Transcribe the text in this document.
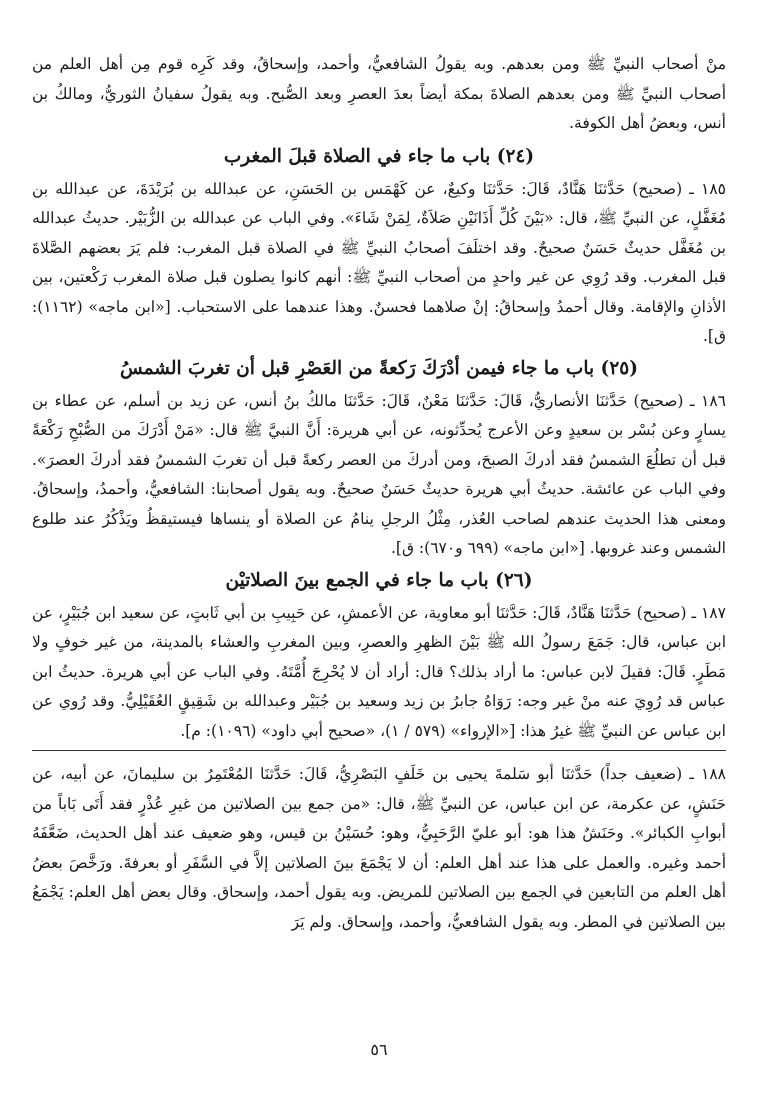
منْ أصحاب النبيِّ ﷺ ومن بعدهم. وبه يقولُ الشافعيُّ، وأحمد، وإسحاقُ، وقد كَرِه قوم مِن أهل العلم من أصحاب النبيِّ ﷺ ومن بعدهم الصلاةَ بمكة أيضاً بعدَ العصرِ وبعد الصُّبح. وبه يقولُ سفيانُ الثوريُّ، ومالكُ بن أنس، وبعضُ أهل الكوفة.

(٢٤) باب ما جاء في الصلاة قبلَ المغرب

١٨٥ ـ (صحيح) حَدَّثنَا هَنَّادٌ، قَالَ: حَدَّثنَا وكيعٌ، عن كَهْمَس بن الحَسَنِ، عن عبدالله بن بُرَيْدَةَ، عن عبدالله بن مُغَفَّلٍ، عن النبيِّ ﷺ، قال: «بَيْنَ كُلِّ أَذَانَيْنِ صَلاَةٌ، لِمَنْ شَاءَ». وفي الباب عن عبدالله بن الزُّبَيْر. حديثُ عبدالله بن مُغَفَّل حديثٌ حَسَنٌ صحيحٌ. وقد اختلَفَ أصحابُ النبيِّ ﷺ في الصلاة قبل المغرب: فلم يَرَ بعضهم الصَّلاةَ قبل المغرب. وقد رُوِي عن غير واحدٍ من أصحاب النبيِّ ﷺ: أنهم كانوا يصلون قبل صلاة المغرب رَكْعتين، بين الأذانِ والإقامة. وقال أحمدُ وإسحاقُ: إنْ صلاهما فحسنٌ. وهذا عندهما على الاستحباب. [«ابن ماجه» (١١٦٢): ق].

(٢٥) باب ما جاء فيمن أدْرَكَ رَكعةً من العَصْرِ قبل أن تغربَ الشمسُ

١٨٦ ـ (صحيح) حَدَّثنَا الأنصاريُّ، قَالَ: حَدَّثنَا مَعْنٌ، قَالَ: حَدَّثنَا مالكُ بنُ أنس، عن زيد بن أسلم، عن عطاء بن يسارٍ وعن بُسْر بن سعيدٍ وعن الأعرج يُحدِّثونه، عن أبي هريرة: أَنَّ النبيَّ ﷺ قال: «مَنْ أَدْرَكَ من الصُّبْحِ رَكْعَةً قبل أن تطلُعَ الشمسُ فقد أدركَ الصبحَ، ومن أدركَ من العصر ركعةً قبل أن تغربَ الشمسُ فقد أدركَ العصرَ». وفي الباب عن عائشة. حديثُ أبي هريرة حديثٌ حَسَنٌ صحيحٌ. وبه يقول أصحابنا: الشافعيُّ، وأحمدُ، وإسحاقُ. ومعنى هذا الحديث عندهم لصاحب العُذر، مِثْلُ الرجلِ ينامُ عن الصلاة أو ينساها فيستيقظُ ويَذْكُرُ عند طلوع الشمس وعند غروبها. [«ابن ماجه» (٦٩٩ و٦٧٠): ق].

(٢٦) باب ما جاء في الجمع بينَ الصلاتيْن

١٨٧ ـ (صحيح) حَدَّثنَا هَنَّادٌ، قَالَ: حَدَّثنَا أبو معاوية، عن الأعمشِ، عن حَبِيبِ بن أبي ثَابتٍ، عن سعيد ابن جُبَيْرٍ، عن ابن عباس، قال: جَمَعَ رسولُ الله ﷺ بَيْنَ الظهرِ والعصرِ، وبين المغربِ والعشاء بالمدينة، من غير خوفٍ ولا مَطَرٍ. قَالَ: فقيلَ لابن عباس: ما أراد بذلك؟ قال: أراد أن لا يُحْرِجَ أُمَّتَهُ. وفي الباب عن أبي هريرة. حديثُ ابن عباس قد رُوِيَ عنه منْ غير وجه: رَوَاهُ جابرُ بن زيد وسعيد بن جُبَيْر وعبدالله بن شَقِيقٍ العُقَيْلِيُّ. وقد رُوي عن ابن عباس عن النبيِّ ﷺ غيرُ هذا: [«الإرواء» (٥٧٩ / ١)، «صحيح أبي داود» (١٠٩٦): م].

١٨٨ ـ (ضعيف جداً) حَدَّثنَا أبو سَلمةَ يحيى بن خَلَفٍ البَصْرِيُّ، قَالَ: حَدَّثنَا المُعْتَمِرُ بن سليمانَ، عن أبيه، عن حَنَشٍ، عن عكرمة، عن ابن عباس، عن النبيِّ ﷺ، قال: «من جمع بين الصلاتين من غيرِ عُذْرٍ فقد أَتَى بَاباً من أبوابِ الكبائر». وحَنَشٌ هذا هو: أبو عليّ الرَّحَبِيُّ، وهو: حُسَيْنُ بن قيس، وهو ضعيف عند أهل الحديث، ضَعَّفَهُ أحمد وغيره. والعمل على هذا عند أهل العلم: أن لا يَجْمَعَ بينَ الصلاتين إلاَّ في السَّفَرِ أو بعرفةَ. ورَخَّصَ بعضُ أهل العلم من التابعين في الجمع بين الصلاتين للمريض. وبه يقول أحمد، وإسحاق. وقال بعض أهل العلم: يَجْمَعُ بين الصلاتين في المطر. وبه يقول الشافعيُّ، وأحمد، وإسحاق. ولم يَرَ

٥٦
